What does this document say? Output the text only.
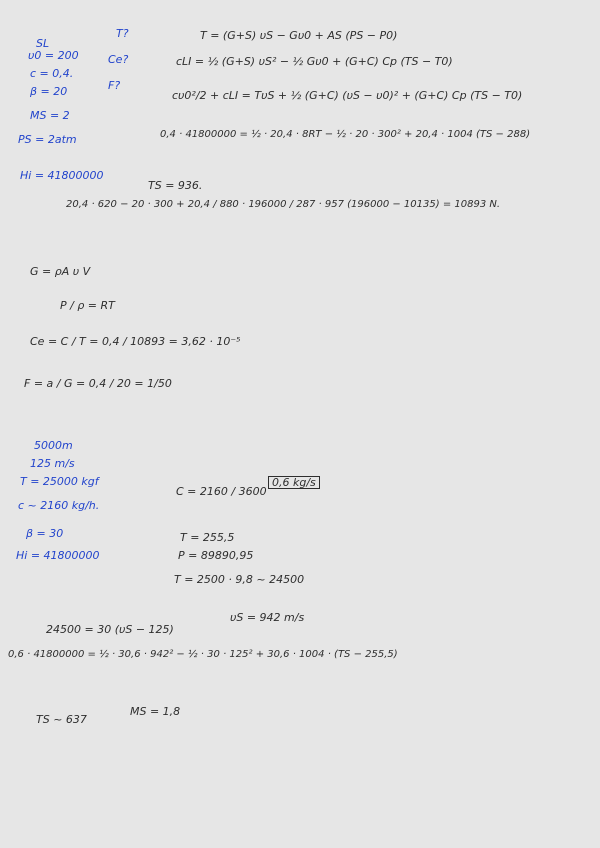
SL
υ0 = 200
c = 0,4.
β = 20
MS = 2
PS = 2atm
Hi = 41800000
T?
Ce?
F?
T = (G+S) υS − Gυ0 + AS (PS − P0)
cLI = ½ (G+S) υS² − ½ Gυ0 + (G+C) Cp (TS − T0)
cυ0²/2 + cLI = TυS + ½ (G+C) (υS − υ0)² + (G+C) Cp (TS − T0)
0,4 · 41800000 = ½ · 20,4 · 8RT − ½ · 20 · 300² + 20,4 · 1004 (TS − 288)
TS = 936.
20,4 · 620 − 20 · 300 + 20,4 / 880 · 196000 / 287 · 957 (196000 − 10135) = 10893 N.
G = ρA υ V
P / ρ = RT
Ce = C / T = 0,4 / 10893 = 3,62 · 10⁻⁵
F = a / G = 0,4 / 20 = 1/50
5000m
125 m/s
T = 25000 kgf
c ~ 2160 kg/h.
β = 30
Hi = 41800000
C = 2160 / 3600
0,6 kg/s
T = 255,5
P = 89890,95
T = 2500 · 9,8 ~ 24500
24500 = 30 (υS − 125)
υS = 942 m/s
0,6 · 41800000 = ½ · 30,6 · 942² − ½ · 30 · 125² + 30,6 · 1004 · (TS − 255,5)
TS ~ 637
MS = 1,8
